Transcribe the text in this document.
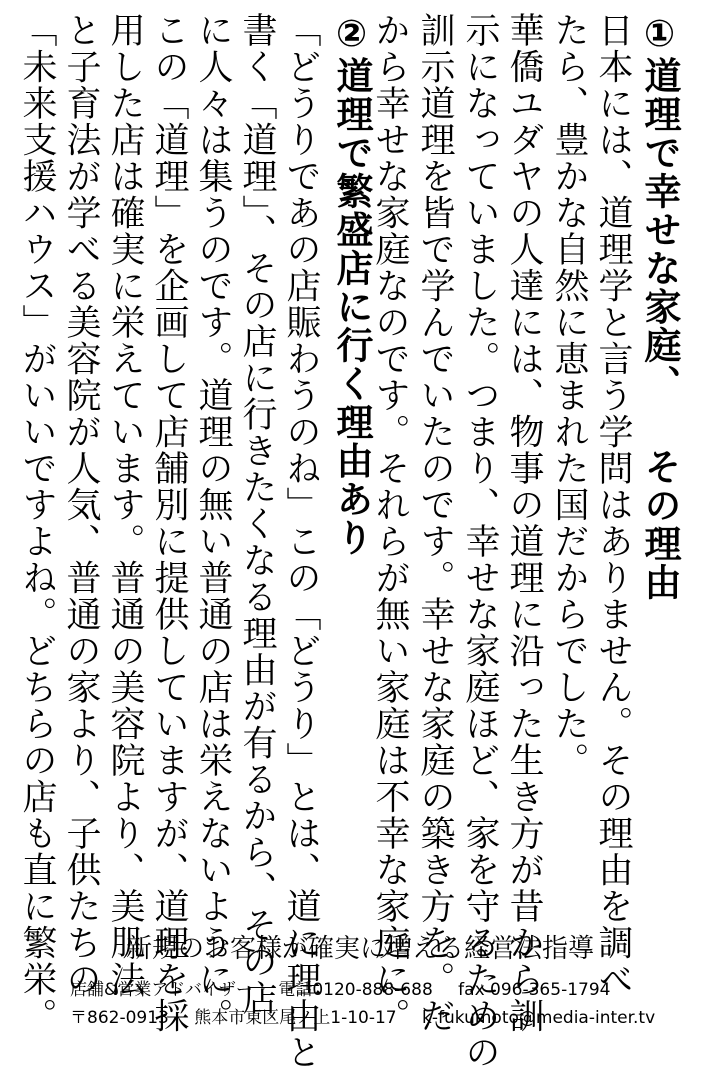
①道理で幸せな家庭、 その理由
日本には、道理学と言う学問はありません。その理由を調べ
たら、豊かな自然に恵まれた国だからでした。
華僑ユダヤの人達には、物事の道理に沿った生き方が昔から訓
示になっていました。つまり、幸せな家庭ほど、家を守るための
訓示道理を皆で学んでいたのです。幸せな家庭の築き方を。だ
から幸せな家庭なのです。それらが無い家庭は不幸な家庭に。
②道理で繁盛店に行く理由あり
「どうりであの店賑わうのね」この「どうり」とは、道に理由と
書く「道理」、その店に行きたくなる理由が有るから、その店
に人々は集うのです。道理の無い普通の店は栄えないように。
この「道理」を企画して店舗別に提供していますが、道理を採
用した店は確実に栄えています。普通の美容院より、美肌法
と子育法が学べる美容院が人気、普通の家より、子供たちの
「未来支援ハウス」がいいですよね。どちらの店も直に繁栄。	新規のお客様が確実に増える経営法指導
店舗&営業アドバイザー 電話0120-888-688 fax 096-365-1794
〒862-0913 熊本市東区尾ノ上1-10-17 k-fukumoto@media-inter.tv
